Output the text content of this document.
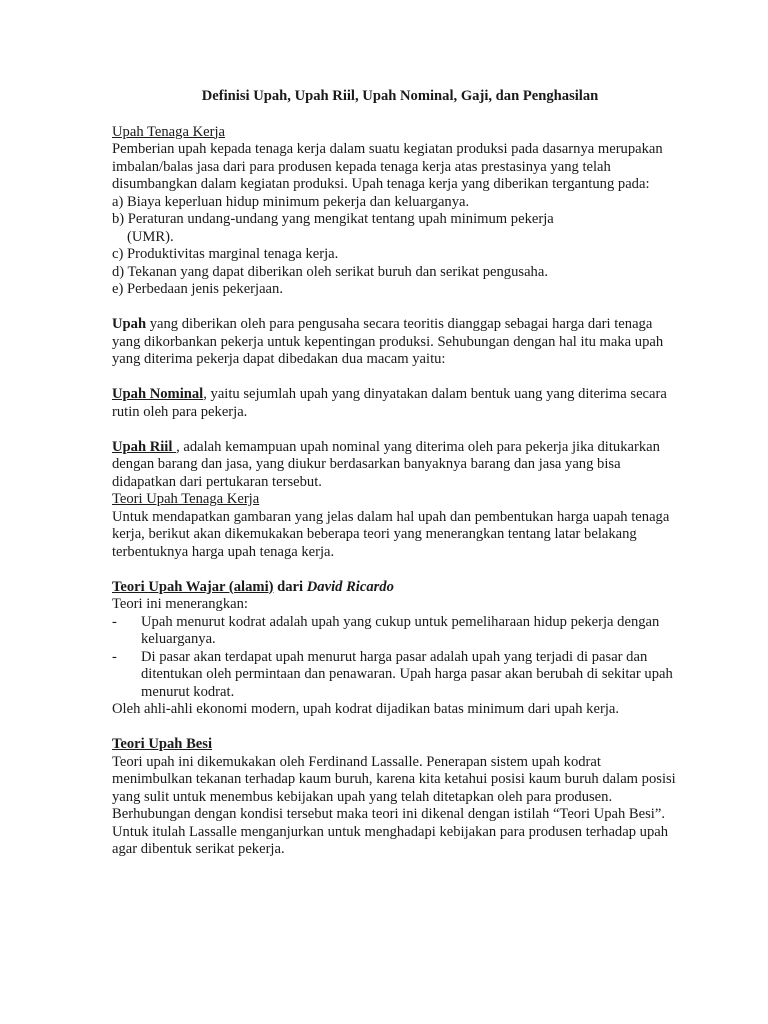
Definisi Upah, Upah Riil, Upah Nominal, Gaji, dan Penghasilan
Upah Tenaga Kerja

Pemberian upah kepada tenaga kerja dalam suatu kegiatan produksi pada dasarnya merupakan imbalan/balas jasa dari para produsen kepada tenaga kerja atas prestasinya yang telah disumbangkan dalam kegiatan produksi. Upah tenaga kerja yang diberikan tergantung pada:

a) Biaya keperluan hidup minimum pekerja dan keluarganya.
b) Peraturan undang-undang yang mengikat tentang upah minimum pekerja
(UMR).
c) Produktivitas marginal tenaga kerja.
d) Tekanan yang dapat diberikan oleh serikat buruh dan serikat pengusaha.
e) Perbedaan jenis pekerjaan.

Upah yang diberikan oleh para pengusaha secara teoritis dianggap sebagai harga dari tenaga yang dikorbankan pekerja untuk kepentingan produksi. Sehubungan dengan hal itu maka upah yang diterima pekerja dapat dibedakan dua macam yaitu:

Upah Nominal, yaitu sejumlah upah yang dinyatakan dalam bentuk uang yang diterima secara rutin oleh para pekerja.

Upah Riil , adalah kemampuan upah nominal yang diterima oleh para pekerja jika ditukarkan dengan barang dan jasa, yang diukur berdasarkan banyaknya barang dan jasa yang bisa didapatkan dari pertukaran tersebut.

Teori Upah Tenaga Kerja

Untuk mendapatkan gambaran yang jelas dalam hal upah dan pembentukan harga uapah tenaga kerja, berikut akan dikemukakan beberapa teori yang menerangkan tentang latar belakang terbentuknya harga upah tenaga kerja.

Teori Upah Wajar (alami) dari David Ricardo

Teori ini menerangkan:

-	Upah menurut kodrat adalah upah yang cukup untuk pemeliharaan hidup pekerja dengan keluarganya.
-	Di pasar akan terdapat upah menurut harga pasar adalah upah yang terjadi di pasar dan ditentukan oleh permintaan dan penawaran. Upah harga pasar akan berubah di sekitar upah menurut kodrat.

Oleh ahli-ahli ekonomi modern, upah kodrat dijadikan batas minimum dari upah kerja.

Teori Upah Besi

Teori upah ini dikemukakan oleh Ferdinand Lassalle. Penerapan sistem upah kodrat menimbulkan tekanan terhadap kaum buruh, karena kita ketahui posisi kaum buruh dalam posisi yang sulit untuk menembus kebijakan upah yang telah ditetapkan oleh para produsen. Berhubungan dengan kondisi tersebut maka teori ini dikenal dengan istilah “Teori Upah Besi”. Untuk itulah Lassalle menganjurkan untuk menghadapi kebijakan para produsen terhadap upah agar dibentuk serikat pekerja.
